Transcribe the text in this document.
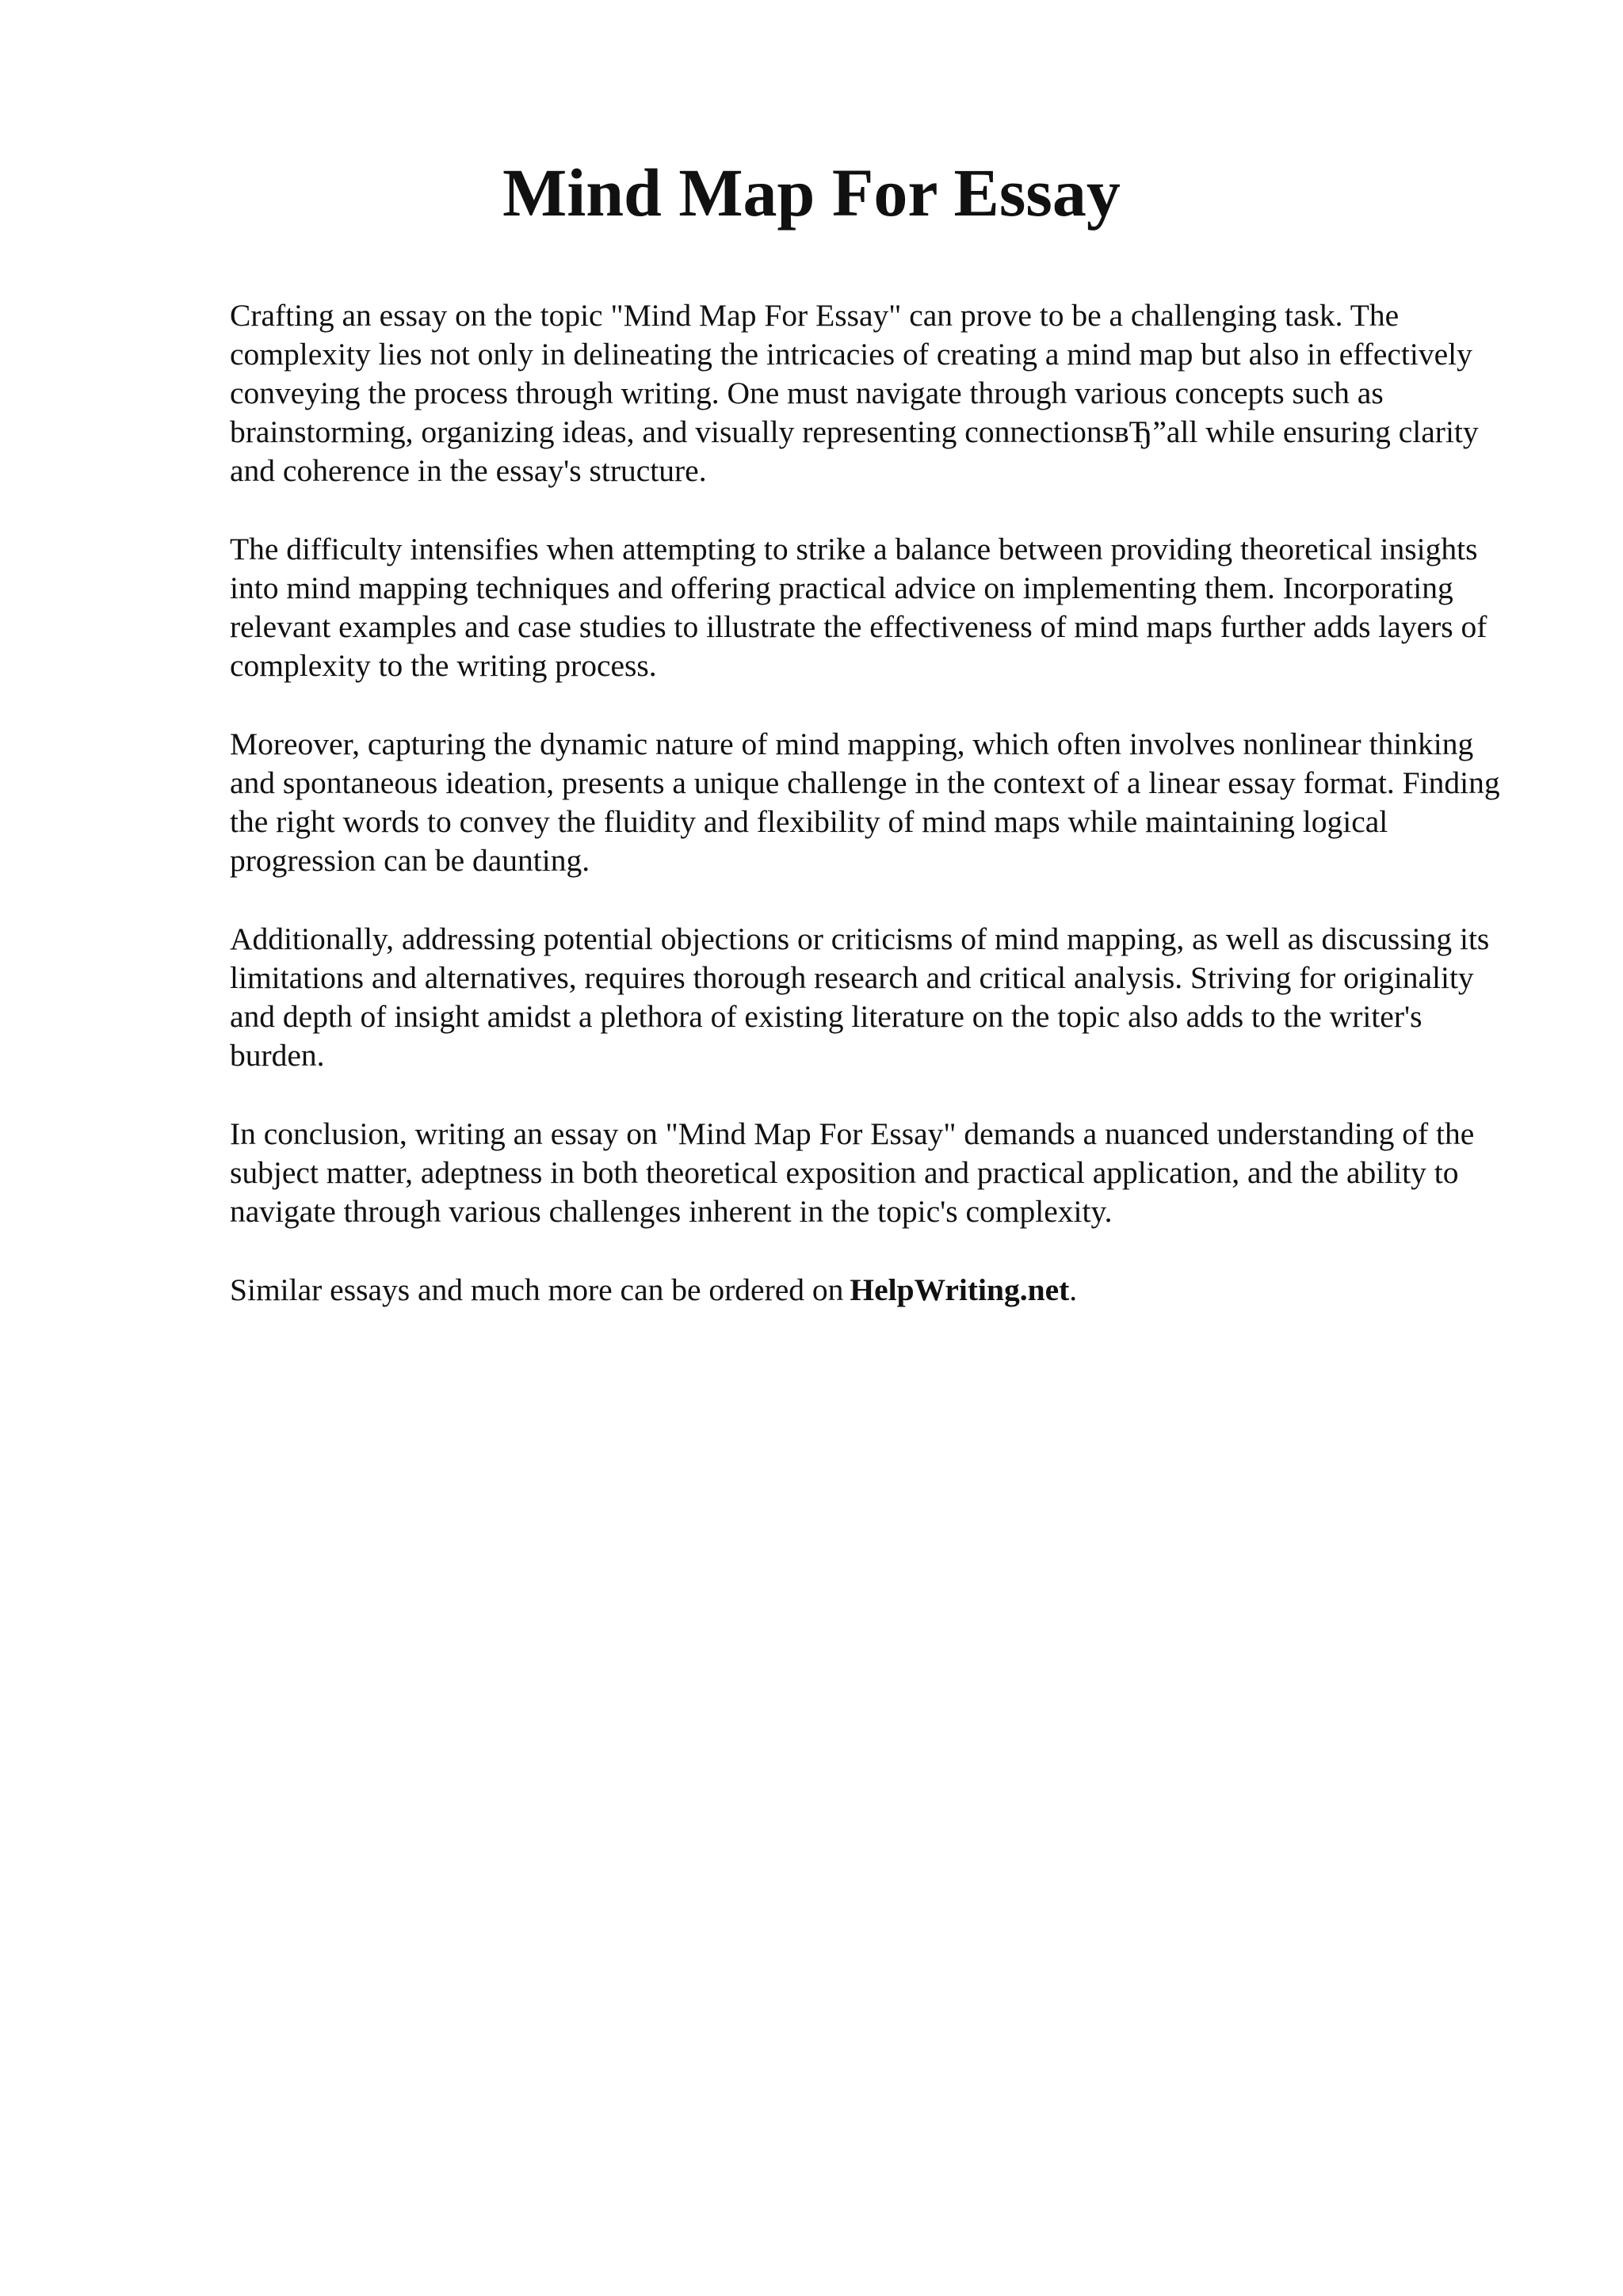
Mind Map For Essay

Crafting an essay on the topic "Mind Map For Essay" can prove to be a challenging task. The complexity lies not only in delineating the intricacies of creating a mind map but also in effectively conveying the process through writing. One must navigate through various concepts such as brainstorming, organizing ideas, and visually representing connectionsвЂ”all while ensuring clarity and coherence in the essay's structure.

The difficulty intensifies when attempting to strike a balance between providing theoretical insights into mind mapping techniques and offering practical advice on implementing them. Incorporating relevant examples and case studies to illustrate the effectiveness of mind maps further adds layers of complexity to the writing process.

Moreover, capturing the dynamic nature of mind mapping, which often involves nonlinear thinking and spontaneous ideation, presents a unique challenge in the context of a linear essay format. Finding the right words to convey the fluidity and flexibility of mind maps while maintaining logical progression can be daunting.

Additionally, addressing potential objections or criticisms of mind mapping, as well as discussing its limitations and alternatives, requires thorough research and critical analysis. Striving for originality and depth of insight amidst a plethora of existing literature on the topic also adds to the writer's burden.

In conclusion, writing an essay on "Mind Map For Essay" demands a nuanced understanding of the subject matter, adeptness in both theoretical exposition and practical application, and the ability to navigate through various challenges inherent in the topic's complexity.

Similar essays and much more can be ordered on HelpWriting.net.
